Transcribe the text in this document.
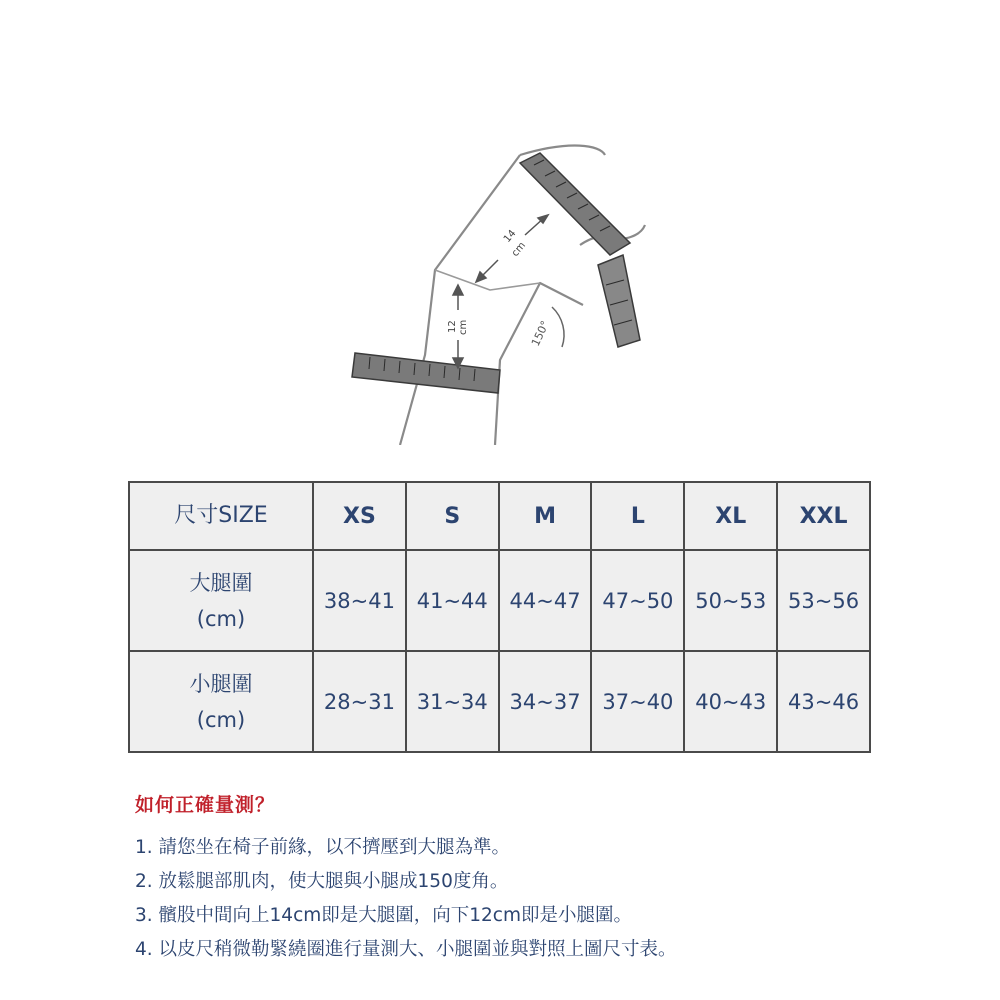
14
cm
12 cm	150°
尺寸SIZE	XS	S	M	L	XL	XXL

大腿圍
(cm)	38~41	41~44	44~47	47~50	50~53	53~56

小腿圍
(cm)	28~31	31~34	34~37	37~40	40~43	43~46
如何正確量測？
1. 請您坐在椅子前緣，以不擠壓到大腿為準。
2. 放鬆腿部肌肉，使大腿與小腿成150度角。
3. 髕股中間向上14cm即是大腿圍，向下12cm即是小腿圍。
4. 以皮尺稍微勒緊繞圈進行量測大、小腿圍並與對照上圖尺寸表。
